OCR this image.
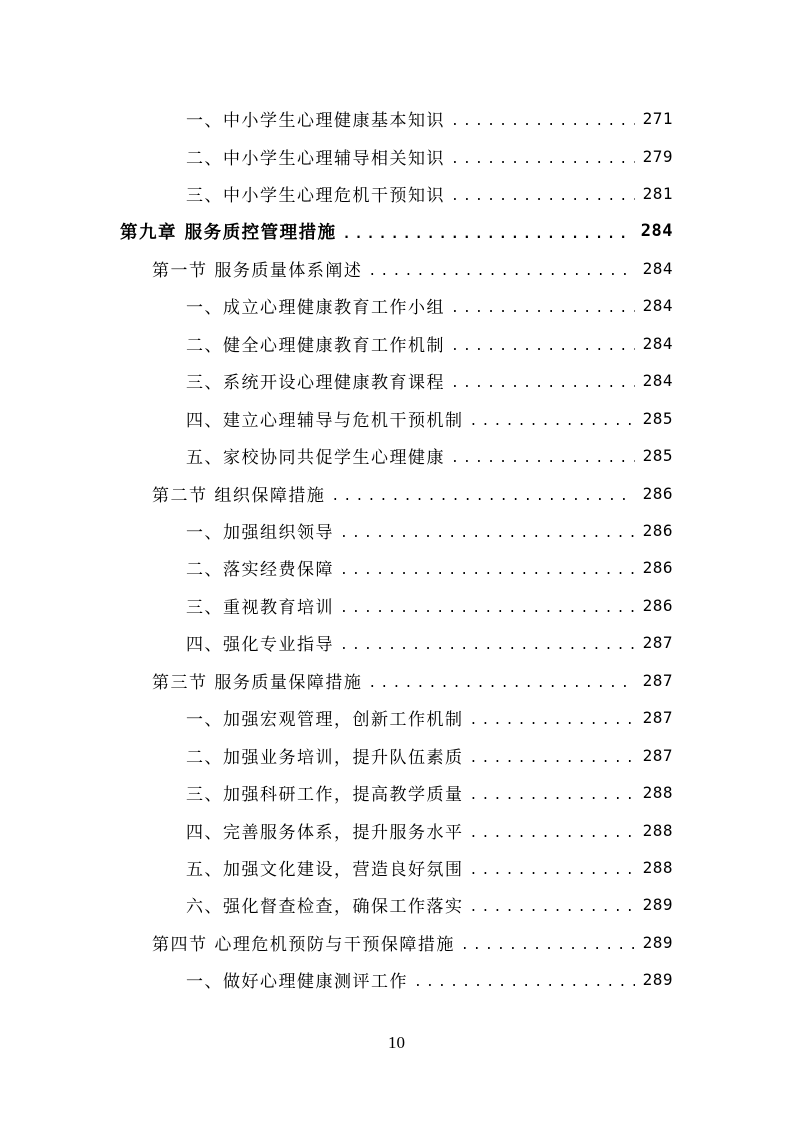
一、中小学生心理健康基本知识 .....	271
二、中小学生心理辅导相关知识 .....	279
三、中小学生心理危机干预知识 .....	281
第九章 服务质控管理措施 .....	284
第一节 服务质量体系阐述 .....	284
一、成立心理健康教育工作小组 .....	284
二、健全心理健康教育工作机制 .....	284
三、系统开设心理健康教育课程 .....	284
四、建立心理辅导与危机干预机制 .....	285
五、家校协同共促学生心理健康 .....	285
第二节 组织保障措施 .....	286
一、加强组织领导 .....	286
二、落实经费保障 .....	286
三、重视教育培训 .....	286
四、强化专业指导 .....	287
第三节 服务质量保障措施 .....	287
一、加强宏观管理，创新工作机制 .....	287
二、加强业务培训，提升队伍素质 .....	287
三、加强科研工作，提高教学质量 .....	288
四、完善服务体系，提升服务水平 .....	288
五、加强文化建设，营造良好氛围 .....	288
六、强化督查检查，确保工作落实 .....	289
第四节 心理危机预防与干预保障措施 .....	289
一、做好心理健康测评工作 .....	289
10
